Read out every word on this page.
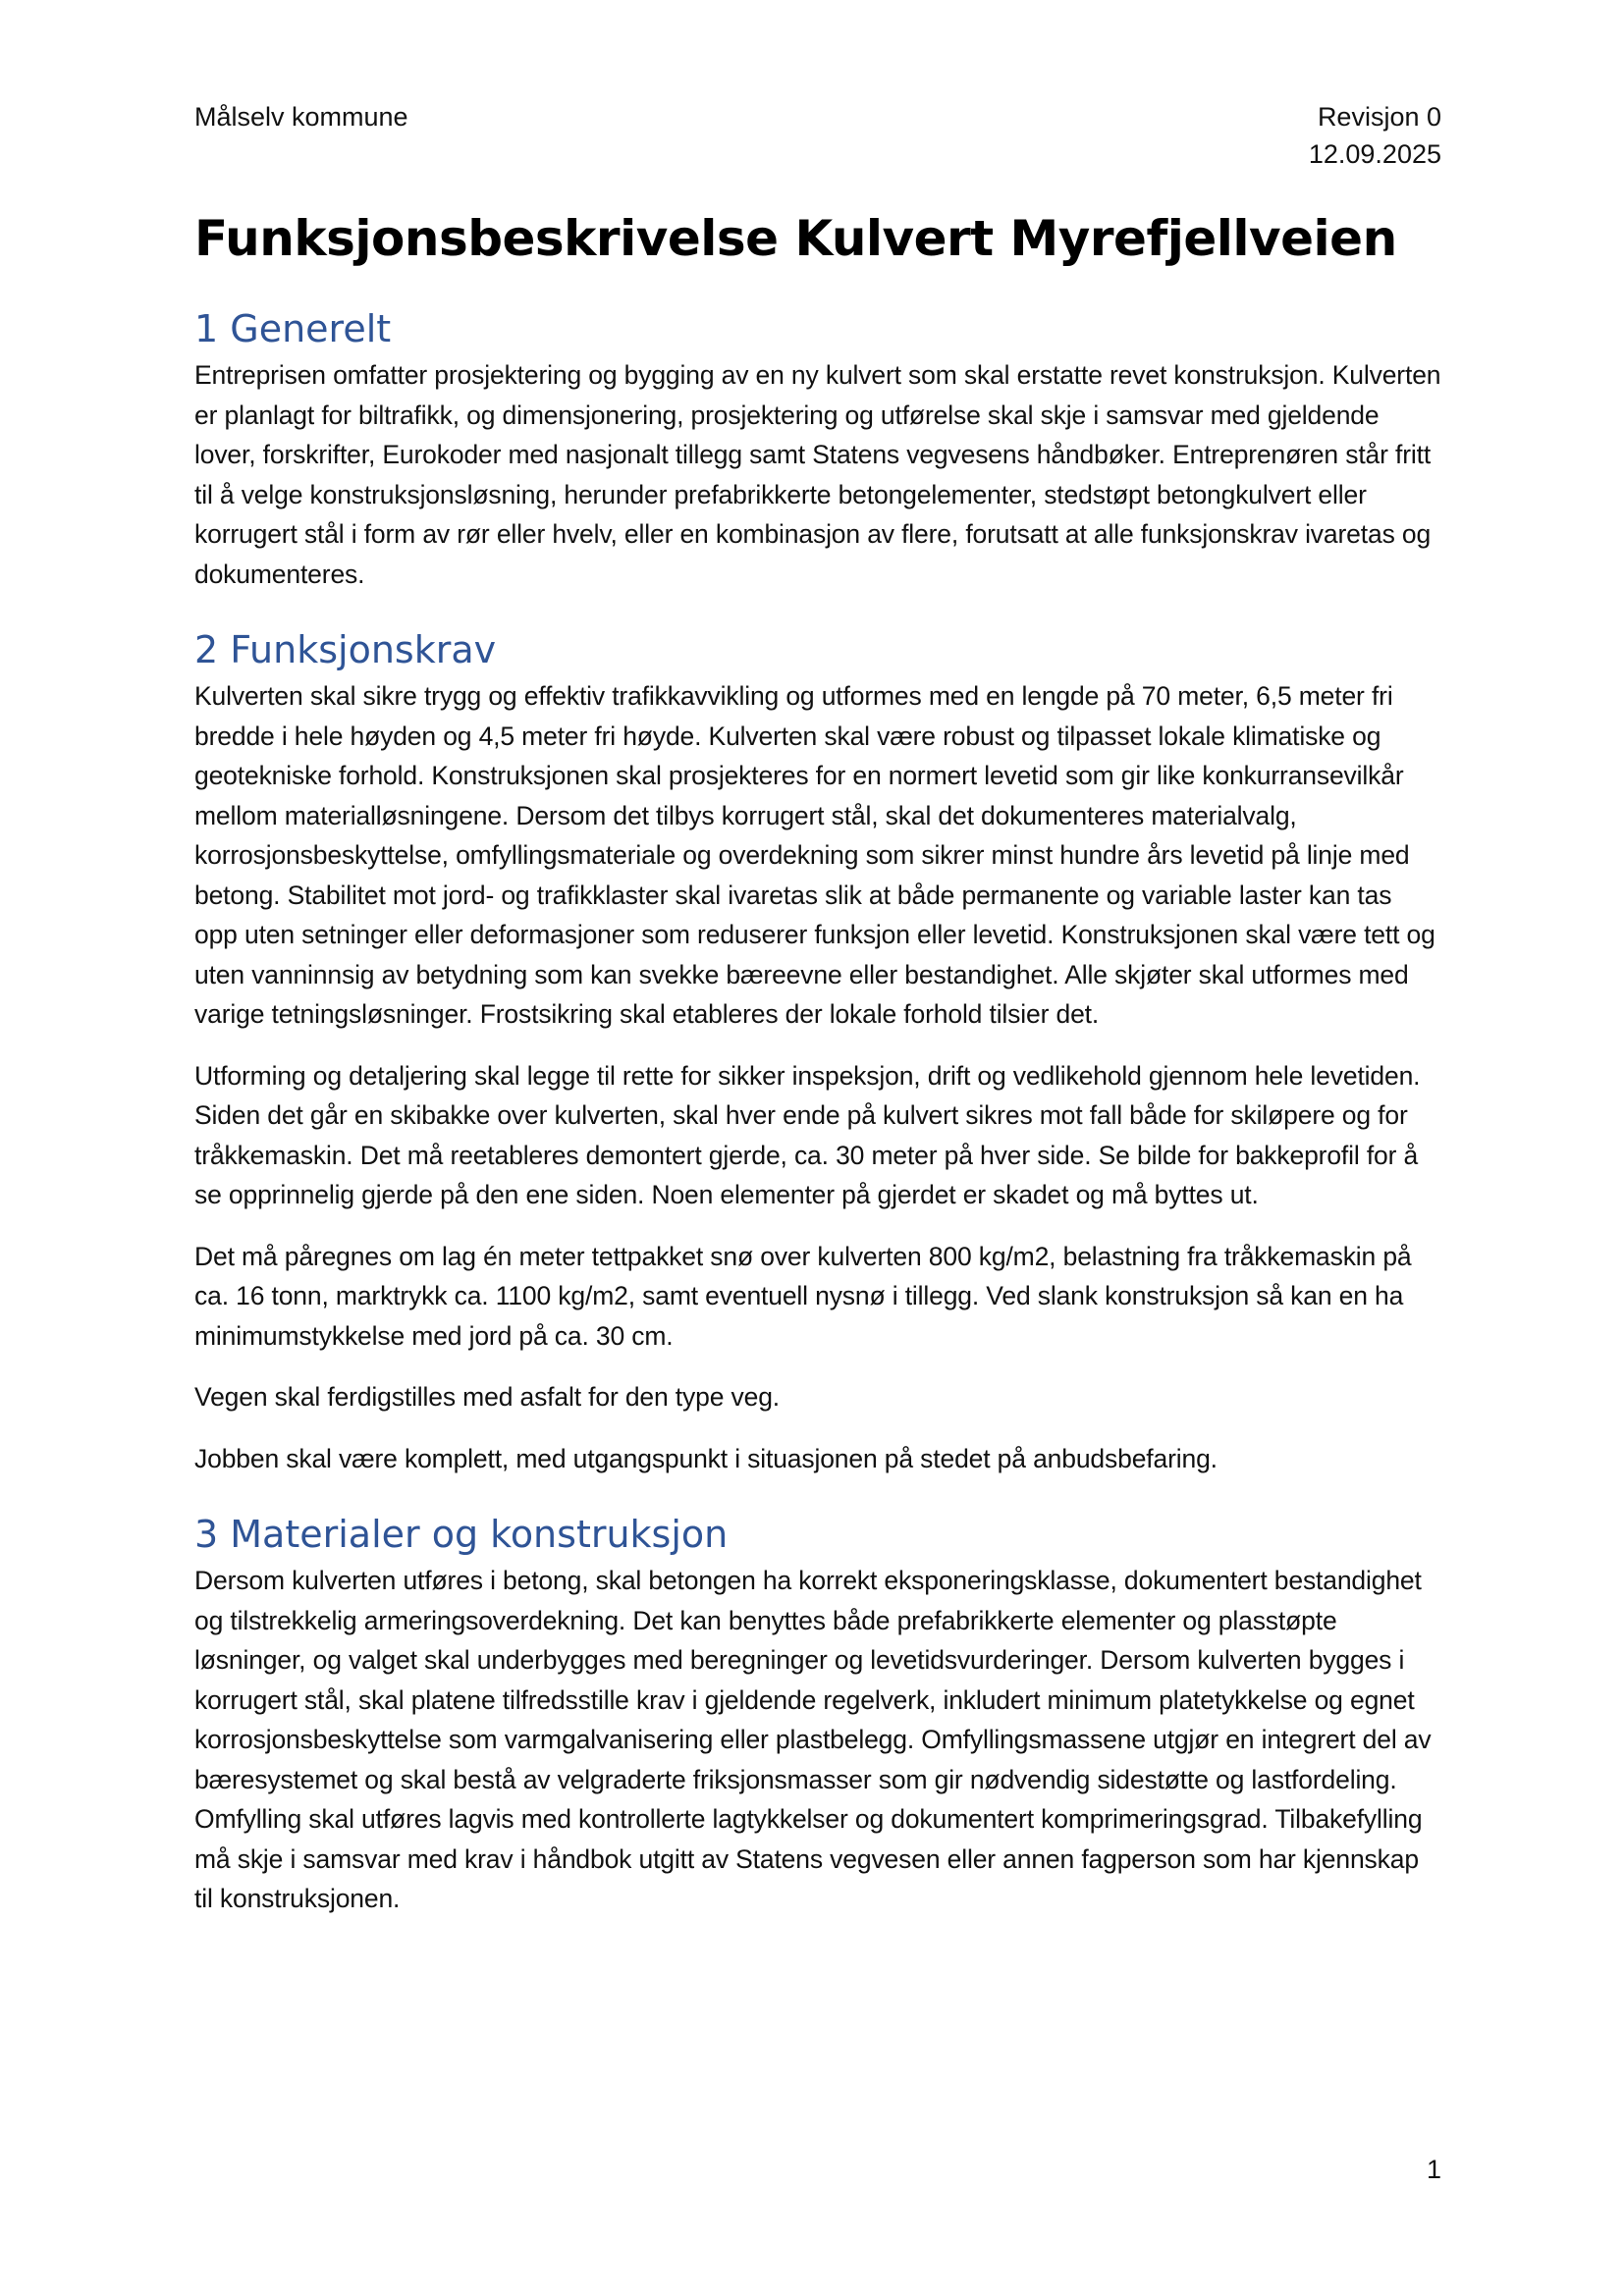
Målselv kommune	Revisjon 0
12.09.2025
Funksjonsbeskrivelse Kulvert Myrefjellveien
1 Generelt

Entreprisen omfatter prosjektering og bygging av en ny kulvert som skal erstatte revet konstruksjon. Kulverten er planlagt for biltrafikk, og dimensjonering, prosjektering og utførelse skal skje i samsvar med gjeldende lover, forskrifter, Eurokoder med nasjonalt tillegg samt Statens vegvesens håndbøker. Entreprenøren står fritt til å velge konstruksjonsløsning, herunder prefabrikkerte betongelementer, stedstøpt betongkulvert eller korrugert stål i form av rør eller hvelv, eller en kombinasjon av flere, forutsatt at alle funksjonskrav ivaretas og dokumenteres.

2 Funksjonskrav

Kulverten skal sikre trygg og effektiv trafikkavvikling og utformes med en lengde på 70 meter, 6,5 meter fri bredde i hele høyden og 4,5 meter fri høyde. Kulverten skal være robust og tilpasset lokale klimatiske og geotekniske forhold. Konstruksjonen skal prosjekteres for en normert levetid som gir like konkurransevilkår mellom materialløsningene. Dersom det tilbys korrugert stål, skal det dokumenteres materialvalg, korrosjonsbeskyttelse, omfyllingsmateriale og overdekning som sikrer minst hundre års levetid på linje med betong. Stabilitet mot jord- og trafikklaster skal ivaretas slik at både permanente og variable laster kan tas opp uten setninger eller deformasjoner som reduserer funksjon eller levetid. Konstruksjonen skal være tett og uten vanninnsig av betydning som kan svekke bæreevne eller bestandighet. Alle skjøter skal utformes med varige tetningsløsninger. Frostsikring skal etableres der lokale forhold tilsier det.

Utforming og detaljering skal legge til rette for sikker inspeksjon, drift og vedlikehold gjennom hele levetiden. Siden det går en skibakke over kulverten, skal hver ende på kulvert sikres mot fall både for skiløpere og for tråkkemaskin. Det må reetableres demontert gjerde, ca. 30 meter på hver side. Se bilde for bakkeprofil for å se opprinnelig gjerde på den ene siden. Noen elementer på gjerdet er skadet og må byttes ut.

Det må påregnes om lag én meter tettpakket snø over kulverten 800 kg/m2, belastning fra tråkkemaskin på ca. 16 tonn, marktrykk ca. 1100 kg/m2, samt eventuell nysnø i tillegg. Ved slank konstruksjon så kan en ha minimumstykkelse med jord på ca. 30 cm.

Vegen skal ferdigstilles med asfalt for den type veg.

Jobben skal være komplett, med utgangspunkt i situasjonen på stedet på anbudsbefaring.

3 Materialer og konstruksjon

Dersom kulverten utføres i betong, skal betongen ha korrekt eksponeringsklasse, dokumentert bestandighet og tilstrekkelig armeringsoverdekning. Det kan benyttes både prefabrikkerte elementer og plasstøpte løsninger, og valget skal underbygges med beregninger og levetidsvurderinger. Dersom kulverten bygges i korrugert stål, skal platene tilfredsstille krav i gjeldende regelverk, inkludert minimum platetykkelse og egnet korrosjonsbeskyttelse som varmgalvanisering eller plastbelegg. Omfyllingsmassene utgjør en integrert del av bæresystemet og skal bestå av velgraderte friksjonsmasser som gir nødvendig sidestøtte og lastfordeling. Omfylling skal utføres lagvis med kontrollerte lagtykkelser og dokumentert komprimeringsgrad. Tilbakefylling må skje i samsvar med krav i håndbok utgitt av Statens vegvesen eller annen fagperson som har kjennskap til konstruksjonen.

1
